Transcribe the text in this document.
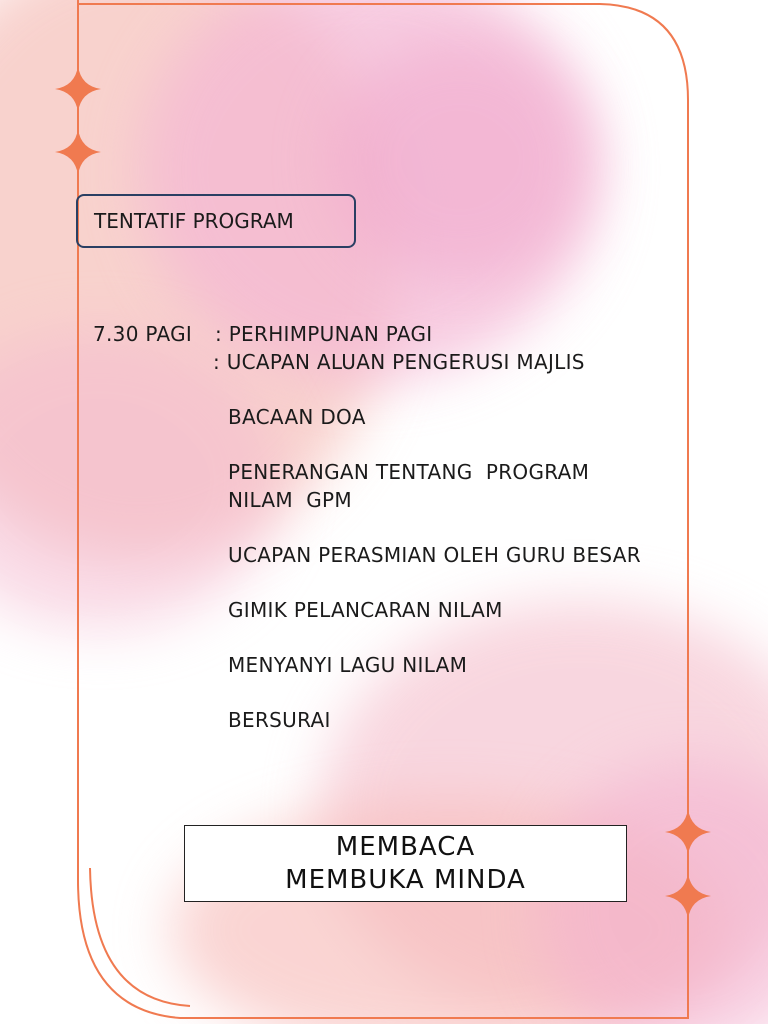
TENTATIF PROGRAM
7.30 PAGI : PERHIMPUNAN PAGI
: UCAPAN ALUAN PENGERUSI MAJLIS
BACAAN DOA
PENERANGAN TENTANG  PROGRAM
NILAM  GPM
UCAPAN PERASMIAN OLEH GURU BESAR
GIMIK PELANCARAN NILAM
MENYANYI LAGU NILAM
BERSURAI
MEMBACA
MEMBUKA MINDA
